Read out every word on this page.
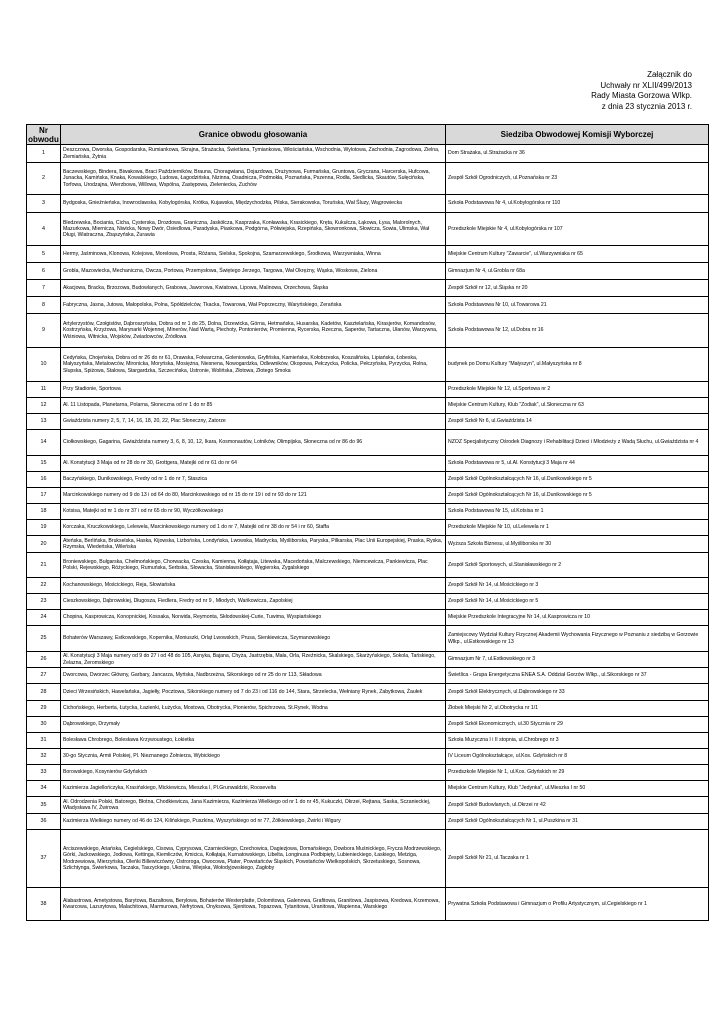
Załącznik do
Uchwały nr XLII/499/2013
Rady Miasta Gorzowa Wlkp.
z dnia 23 stycznia 2013 r.
Nr obwodu	Granice obwodu głosowania	Siedziba Obwodowej Komisji Wyborczej
1	Deszczowa, Dworska, Gospodarska, Rumiankowa, Skrajna, Strażacka, Świetlana, Tymiankowa, Włościańska, Wschodnia, Wylotowa, Zachodnia, Zagrodowa, Zielna, Ziemiańska, Żytnia	Dom Strażaka, ul.Strażacka nr 36
2	Baczewskiego, Bindera, Biwakowa, Braci Październików, Brauna, Choragwiana, Dojazdowa, Drużynowa, Furmańska, Gruntowa, Gryczana, Harcerska, Hufcowa, Junacka, Kamińska, Knaka, Kowalskiego, Ludowa, Łagodzińska, Nizinna, Osadnicza, Podmokła, Poznańska, Pszenna, Rodła, Siedlicka, Skautów, Sułęcińska, Torfowa, Urodzajna, Wierzbowa, Willowa, Wspólna, Zastępowa, Zieleniecka, Zuchów	Zespół Szkół Ogrodniczych, ul.Poznańska nr 23
3	Bydgoska, Gnieźnieńska, Inowrocławska, Kobylogórska, Krótka, Kujawska, Międzychodzka, Pilska, Sierakowska, Toruńska, Wał Śluzy, Wągrowiecka	Szkoła Podstawowa Nr 4, ul.Kobylogórska nr 110
4	Bledzewska, Bociania, Cicha, Cysterska, Drozdowa, Graniczna, Jaskółcza, Kasprzaka, Konławska, Krasickiego, Kręta, Kukułcza, Łąkowa, Łysa, Malorolnych, Mazurkowa, Miernicza, Niwicka, Nowy Dwór, Osiedlowa, Paradyska, Piaskowa, Podgórna, Półwiejska, Rzepińska, Skowronkowa, Słowicza, Sowia, Ulimska, Wał Długi, Wiatraczna, Zbąszyńska, Żurawia	Przedszkole Miejskie Nr 4, ul.Kobylogórska nr 107
5	Hermy, Jaśminowa, Klonowa, Kolejowa, Morelowa, Prosta, Różana, Sielska, Spokojna, Szamarzewskiego, Środkowa, Warzywniaka, Winna	Miejskie Centrum Kultury "Zawarcie", ul.Warzywniaka nr 65
6	Grobla, Mazowiecka, Mechaniczna, Owcza, Portowa, Przemysłowa, Świętego Jerzego, Targowa, Wał Okrężny, Wąska, Woskowa, Zielona	Gimnazjum Nr 4, ul.Grobla nr 68a
7	Akacjowa, Bracka, Brzozowa, Budowlanych, Grabowa, Jaworowa, Kwiatowa, Lipowa, Malinowa, Orzechowa, Śląska	Zespół Szkół nr 12, ul.Śląska nr 20
8	Fabryczna, Jasna, Jutowa, Małopolska, Polna, Spółdzielców, Tkacka, Towarowa, Wał Poprzeczny, Waryńskiego, Zerańska	Szkoła Podstawowa Nr 10, ul.Towarowa 21
9	Artylerzystów, Czołgistów, Dąbroszyńska, Dobra od nr 1 do 25, Dolna, Drzewicka, Górna, Hetmańska, Husarska, Kadetów, Kasztelańska, Kirasjerów, Komandosów, Kostrzyńska, Krzyżowa, Marynarki Wojennej, Minerów, Nad Wartą, Piechoty, Pontonierów, Promienna, Rycerska, Rzeczna, Saperów, Tartaczna, Ułanów, Warzywna, Wiśniowa, Witnicka, Wojsków, Zwiadowców, Źródłowa	Szkoła Podstawowa Nr 12, ul.Dobra nr 16
10	Cedyńska, Chojeńska, Dobra od nr 26 do nr 61, Drawska, Folwarczna, Goleniowska, Gryfińska, Kamieńska, Kołobrzeska, Koszalińska, Lipiańska, Łobeska, Małyszyńska, Metalowców, Mironicka, Moryńska, Mosiężna, Niesnena, Nowogardzka, Odlewników, Okopowa, Pełczycka, Policka, Pełczyńska, Pyrzycka, Rolna, Słupska, Spiżowa, Stalowa, Stargardzka, Szczecińska, Ustronie, Wolińska, Złotowa, Złotego Smoka	budynek po Domu Kultury "Małyszyn", ul.Małyszyńska nr 8
11	Przy Stadionie, Sportowa	Przedszkole Miejskie Nr 12, ul.Sportowa nr 2
12	Al. 11 Listopada, Planetarna, Polarna, Słoneczna od nr 1 do nr 85	Miejskie Centrum Kultury, Klub "Zodiak", ul.Słoneczna nr 63
13	Gwiaździsta numery 2, 5, 7, 14, 16, 18, 20, 22, Plac Słoneczny, Zatorze	Zespół Szkół Nr 6, ul.Gwiaździsta 14
14	Ciołkowskiego, Gagarina, Gwiaździsta numery 3, 6, 8, 10, 12, Ikara, Kosmonautów, Lotników, Olimpijska, Słoneczna od nr 86 do 96	NZOZ Specjalistyczny Ośrodek Diagnozy i Rehabilitacji Dzieci i Młodzieży z Wadą Słuchu, ul.Gwiaździsta nr 4
15	Al. Konstytucji 3 Maja od nr 28 do nr 30, Grottgera, Matejki od nr 61 do nr 64	Szkoła Podstawowa nr 5, ul.Al. Konstytucji 3 Maja nr 44
16	Baczyńskiego, Dunikowskiego, Fredry od nr 1 do nr 7, Staszica	Zespół Szkół Ogólnokształcących Nr 16, ul.Dunikowskiego nr 5
17	Marcinkowskiego numery od 9 do 13 i od 64 do 80, Marcinkowskiego od nr 15 do nr 19 i od nr 93 do nr 121	Zespół Szkół Ogólnokształcących Nr 16, ul.Dunikowskiego nr 5
18	Kotsisa, Matejki od nr 1 do nr 37 i od nr 65 do nr 90, Wyczółkowskiego	Szkoła Podstawowa Nr 15, ul.Kotsisa nr 1
19	Korczaka, Kruczkowskiego, Lelewela, Marcinkowskiego numery od 1 do nr 7, Matejki od nr 38 do nr 54 i nr 60, Staffa	Przedszkole Miejskie Nr 10, ul.Lelewela nr 1
20	Ateńska, Berlińska, Brukselska, Haska, Kijowska, Lizbońska, Londyńska, Lwowska, Madrycka, Myśliborska, Paryska, Pilkarska, Plac Unii Europejskiej, Praska, Ryska, Rzymska, Wiedeńska, Wileńska	Wyższa Szkoła Biznesu, ul.Myśliborska nr 30
21	Broniewskiego, Bułgarska, Chełmońskiego, Chorwacka, Czeska, Kamienna, Kołłątaja, Litewska, Macedońska, Malczewskiego, Niemcewicza, Pankiewicza, Plac Polski, Rejewskiego, Różyckiego, Rumuńska, Serbska, Słowacka, Stanisławskiego, Węgierska, Zygalskiego	Zespół Szkół Sportowych, ul.Stanisławskiego nr 2
22	Kochanowskiego, Mościckiego, Reja, Słowiańska	Zespół Szkół Nr 14, ul.Mościckiego nr 3
23	Cieszkowskiego, Dąbrowskiej, Długosza, Fiedlera, Fredry od nr 9 , Młodych, Wańkowicza, Zapolskiej	Zespół Szkół Nr 14, ul.Mościckiego nr 5
24	Chopina, Kasprowicza, Konopnickiej, Kossaka, Norwida, Reymonta, Skłodowskiej-Curie, Tuwima, Wyspiańskiego	Miejskie Przedszkole Integracyjne Nr 14, ul.Kasprowicza nr 10
25	Bohaterów Warszawy, Estkowskiego, Kopernika, Moniuszki, Orląt Lwowskich, Prusa, Sienkiewicza, Szymanowskiego	Zamiejscowy Wydział Kultury Fizycznej Akademii Wychowania Fizycznego w Poznaniu z siedzibą w Gorzowie Wlkp., ul.Estkowskiego nr 13
26	Al. Konstytucji 3 Maja numery od 9 do 27 i od 48 do 105, Asnyka, Bajana, Chyża, Jastrzębia, Mała, Orla, Rzeźnicka, Skalskiego, Skarżyńskiego, Sokola, Tańskiego, Żelazna, Żeromskiego	Gimnazjum Nr 7, ul.Estkowskiego nr 3
27	Dworcowa, Dworzec Główny, Garbary, Jancarza, Myńska, Nadbrzeżna, Sikorskiego od nr 25 do nr 113, Składowa	Świetlica - Grupa Energetyczna ENEA S.A. Oddział Gorzów Wlkp., ul.Sikorskiego nr 37
28	Dzieci Wrzesińskich, Hawelańska, Jagiełły, Pocztowa, Sikorskiego numery od 7 do 23 i od 116 do 144, Stara, Strzelecka, Wełniany Rynek, Zabytkowa, Żaułek	Zespół Szkół Elektrycznych, ul.Dąbrowskiego nr 33
29	Cichońskiego, Herberta, Łutycka, Łazienki, Łużycka, Mostowa, Obotrycka, Pionierów, Spichrzowa, St.Rynek, Wodna	Żłobek Miejski Nr 2, ul.Obotrycka nr 1/1
30	Dąbrowskiego, Drzymały	Zespół Szkół Ekonomicznych, ul.30 Stycznia nr 29
31	Bolesława Chrobrego, Bolesława Krzywoustego, Łokietka	Szkoła Muzyczna I i II stopnia, ul.Chrobrego nr 3
32	30-go Stycznia, Armii Polskiej, Pl. Nieznanego Żołnierza, Wybickiego	IV Liceum Ogólnokształcące, ul.Kos. Gdyńskich nr 8
33	Borowskiego, Kosynierów Gdyńskich	Przedszkole Miejskie Nr 1, ul.Kos. Gdyńskich nr 29
34	Kazimierza Jagiellończyka, Krasińskiego, Mickiewicza, Mieszka I, Pl.Grunwaldzki, Roosevelta	Miejskie Centrum Kultury, Klub "Jedynka", ul.Mieszka I nr 50
35	Al. Odrodzenia Polski, Batorego, Błotna, Chodkiewicza, Jana Kazimierza, Kazimierza Wielkiego od nr 1 do nr 45, Kukuczki, Okrzei, Rejtana, Saska, Sczanieckiej, Władysława IV, Żwirowa	Zespół Szkół Budowlanych, ul.Okrzei nr 42
36	Kazimierza Wielkiego numery od 46 do 124, Kilińskiego, Puszkina, Wyszyńskiego od nr 77, Żółkiewskiego, Żwirki i Wigury	Zespół Szkół Ogólnokształcących Nr 1, ul.Puszkina nr 31
37	Arciszewskiego, Ariańska, Cegielskiego, Cisowa, Cyprysowa, Czarnieckiego, Czechowica, Dagiezjowa, Domańskiego, Dowbora Muśnickiego, Frycza Modrzewskiego, Górki, Jackowskiego, Jodłowa, Kettinga, Kiemliczów, Kmicica, Kołłątaja, Kurnatowskiego, Libelta, Longinusa Podbipięty, Lubienieckiego, Łaskiego, Metzigа, Modrzewiowa, Mierzyńska, Oleńki Billewiczówny, Ostroroga, Owocowa, Plater, Powstańców Śląskich, Powstańców Wielkopolskich, Skrzetuskiego, Sosnowa, Szlichtynga, Świerkowa, Taczaka, Taszyckiego, Ukośna, Wiejska, Wołodyjowskiego, Zagłoby	Zespół Szkół Nr 21, ul.Taczaka nr 1
38	Alabastrowa, Ametystowa, Barytowa, Bazaltowa, Berylowa, Bohaterów Westerplatte, Dolomitowa, Galenowa, Grafitowa, Granitowa, Jaspisowa, Kredowa, Krzemowa, Kwarcowa, Lazurytowa, Malachitowa, Marmurowa, Nefrytowa, Onyksowa, Sjenitowa, Topazowa, Tytanitowa, Uranitowa, Wapienna, Warskiego	Prywatna Szkoła Podstawowa i Gimnazjum o Profilu Artystycznym, ul.Cegielskiego nr 1
